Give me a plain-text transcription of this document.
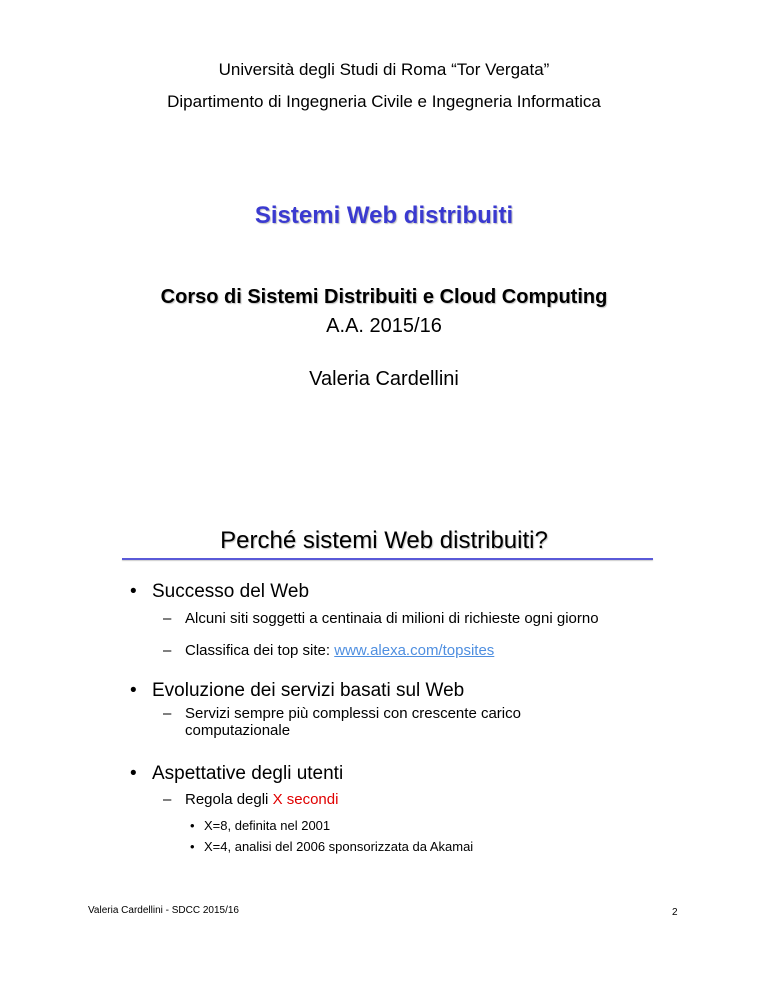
Università degli Studi di Roma “Tor Vergata”
Dipartimento di Ingegneria Civile e Ingegneria Informatica
Sistemi Web distribuiti
Corso di Sistemi Distribuiti e Cloud Computing
A.A. 2015/16
Valeria Cardellini
Perché sistemi Web distribuiti?
• Successo del Web
– Alcuni siti soggetti a centinaia di milioni di richieste ogni giorno
– Classifica dei top site: www.alexa.com/topsites
• Evoluzione dei servizi basati sul Web
– Servizi sempre più complessi con crescente carico computazionale
• Aspettative degli utenti
– Regola degli X secondi
• X=8, definita nel 2001
• X=4, analisi del 2006 sponsorizzata da Akamai
Valeria Cardellini - SDCC 2015/16	2
